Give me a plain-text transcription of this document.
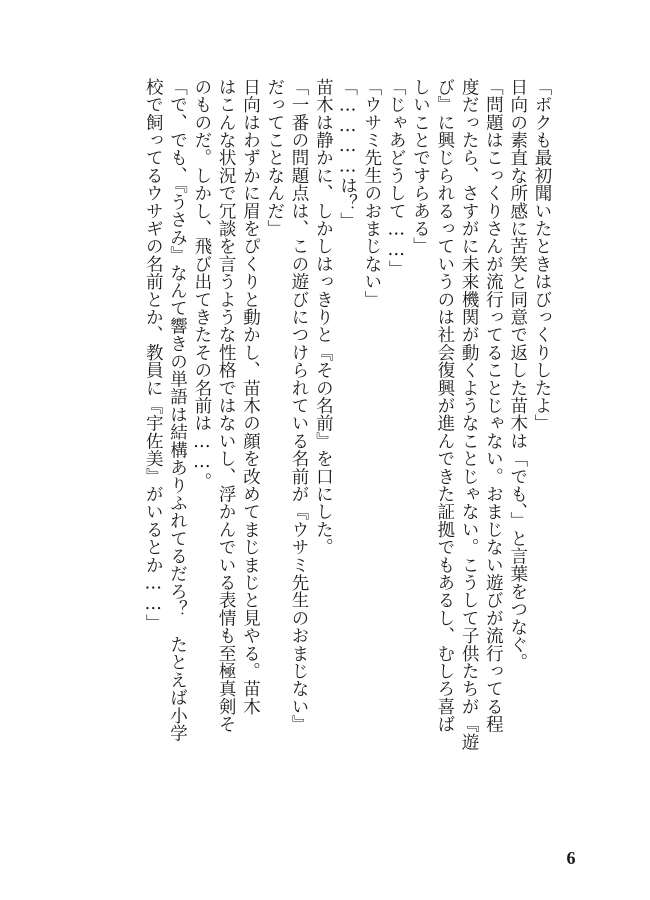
「ボクも最初聞いたときはびっくりしたよ」
日向の素直な所感に苦笑と同意で返した苗木は「でも、」と言葉をつなぐ。
「問題はこっくりさんが流行ってることじゃない。おまじない遊びが流行ってる程
度だったら、さすがに未来機関が動くようなことじゃない。こうして子供たちが『遊
び』に興じられるっていうのは社会復興が進んできた証拠でもあるし、むしろ喜ば
しいことですらある」
「じゃあどうして……」
「ウサミ先生のおまじない」
「…………は？」
苗木は静かに、しかしはっきりと『その名前』を口にした。
「一番の問題点は、この遊びにつけられている名前が『ウサミ先生のおまじない』
だってことなんだ」
日向はわずかに眉をぴくりと動かし、苗木の顔を改めてまじまじと見やる。苗木
はこんな状況で冗談を言うような性格ではないし、浮かんでいる表情も至極真剣そ
のものだ。しかし、飛び出てきたその名前は……。
「で、でも、『うさみ』なんて響きの単語は結構ありふれてるだろ？　たとえば小学
校で飼ってるウサギの名前とか、教員に『宇佐美』がいるとか……」
6
